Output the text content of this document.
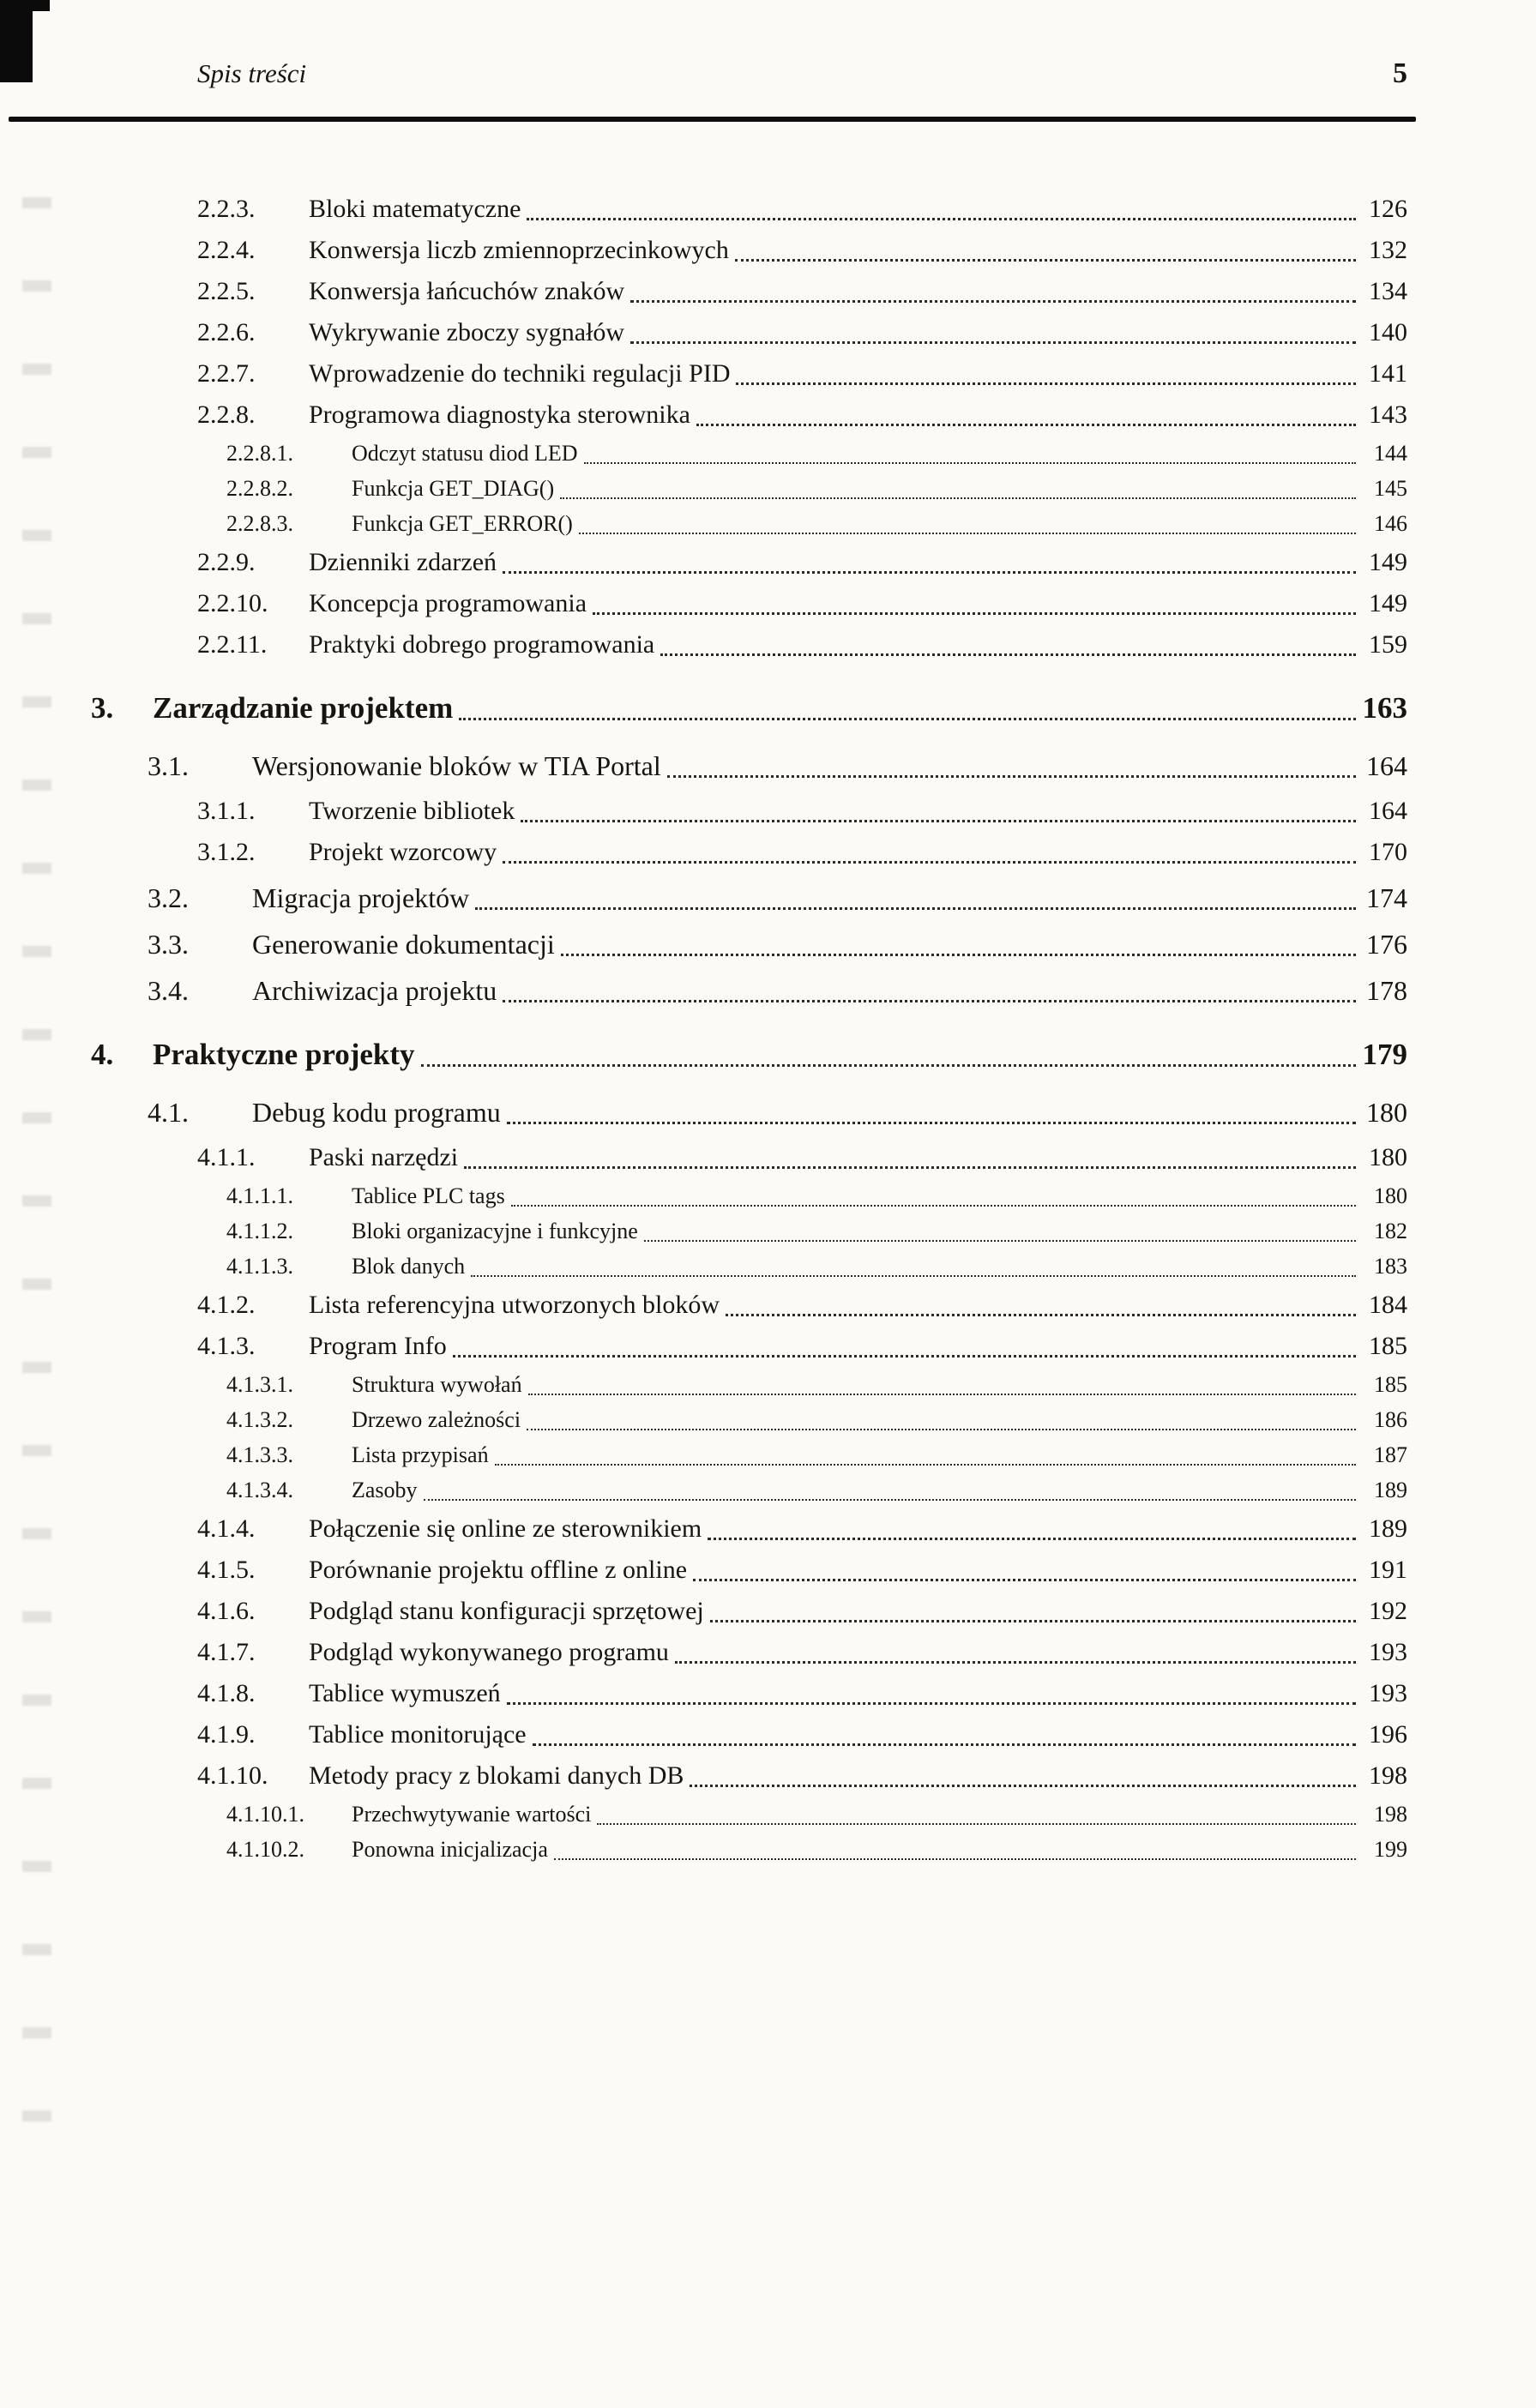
Spis treści	5
2.2.3.	Bloki matematyczne	126
2.2.4.	Konwersja liczb zmiennoprzecinkowych	132
2.2.5.	Konwersja łańcuchów znaków	134
2.2.6.	Wykrywanie zboczy sygnałów	140
2.2.7.	Wprowadzenie do techniki regulacji PID	141
2.2.8.	Programowa diagnostyka sterownika	143
2.2.8.1.	Odczyt statusu diod LED	144
2.2.8.2.	Funkcja GET_DIAG()	145
2.2.8.3.	Funkcja GET_ERROR()	146
2.2.9.	Dzienniki zdarzeń	149
2.2.10.	Koncepcja programowania	149
2.2.11.	Praktyki dobrego programowania	159
3.	Zarządzanie projektem	163
3.1.	Wersjonowanie bloków w TIA Portal	164
3.1.1.	Tworzenie bibliotek	164
3.1.2.	Projekt wzorcowy	170
3.2.	Migracja projektów	174
3.3.	Generowanie dokumentacji	176
3.4.	Archiwizacja projektu	178
4.	Praktyczne projekty	179
4.1.	Debug kodu programu	180
4.1.1.	Paski narzędzi	180
4.1.1.1.	Tablice PLC tags	180
4.1.1.2.	Bloki organizacyjne i funkcyjne	182
4.1.1.3.	Blok danych	183
4.1.2.	Lista referencyjna utworzonych bloków	184
4.1.3.	Program Info	185
4.1.3.1.	Struktura wywołań	185
4.1.3.2.	Drzewo zależności	186
4.1.3.3.	Lista przypisań	187
4.1.3.4.	Zasoby	189
4.1.4.	Połączenie się online ze sterownikiem	189
4.1.5.	Porównanie projektu offline z online	191
4.1.6.	Podgląd stanu konfiguracji sprzętowej	192
4.1.7.	Podgląd wykonywanego programu	193
4.1.8.	Tablice wymuszeń	193
4.1.9.	Tablice monitorujące	196
4.1.10.	Metody pracy z blokami danych DB	198
4.1.10.1.	Przechwytywanie wartości	198
4.1.10.2.	Ponowna inicjalizacja	199
